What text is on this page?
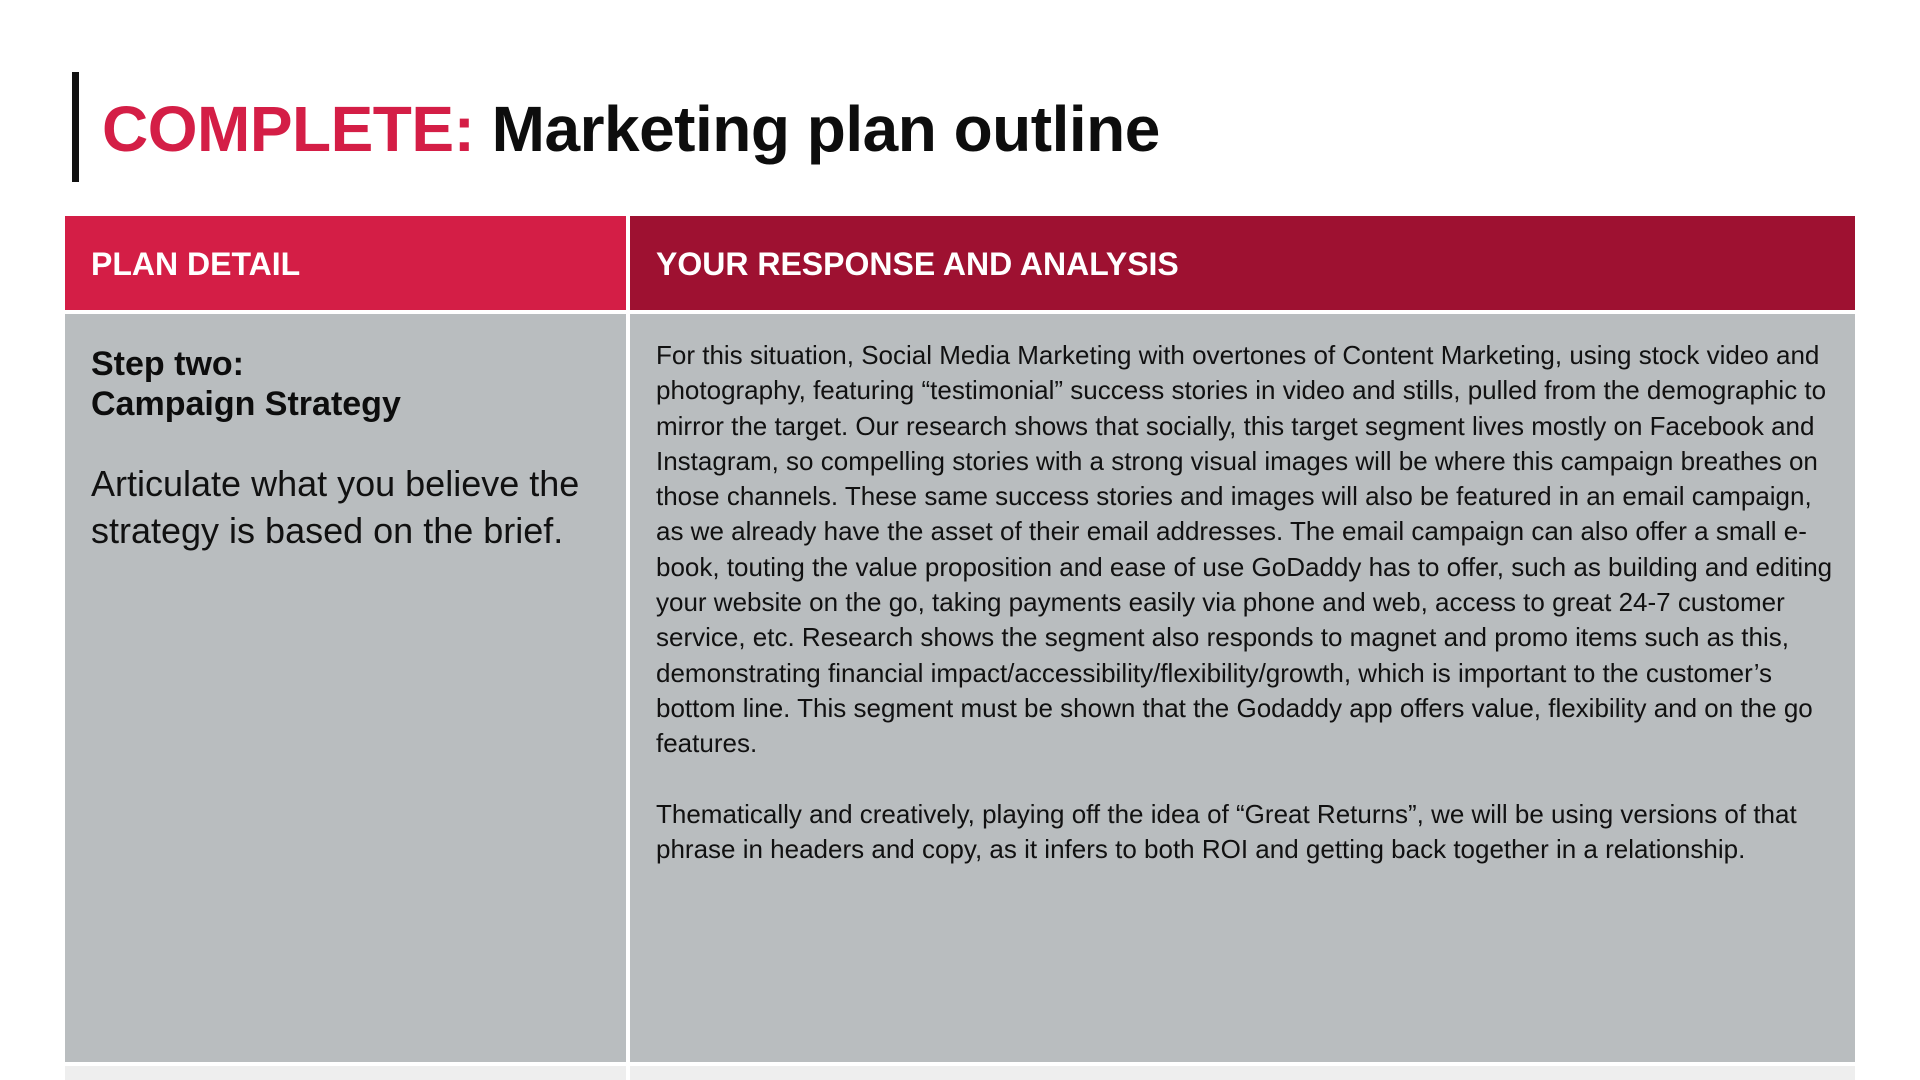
COMPLETE: Marketing plan outline
PLAN DETAIL	YOUR RESPONSE AND ANALYSIS
Step two:
Campaign Strategy
Articulate what you believe the strategy is based on the brief.

For this situation, Social Media Marketing with overtones of Content Marketing, using stock video and photography, featuring “testimonial” success stories in video and stills, pulled from the demographic to mirror the target. Our research shows that socially, this target segment lives mostly on Facebook and Instagram, so compelling stories with a strong visual images will be where this campaign breathes on those channels. These same success stories and images will also be featured in an email campaign, as we already have the asset of their email addresses. The email campaign can also offer a small e-book, touting the value proposition and ease of use GoDaddy has to offer, such as building and editing your website on the go, taking payments easily via phone and web, access to great 24-7 customer service, etc. Research shows the segment also responds to magnet and promo items such as this, demonstrating financial impact/accessibility/flexibility/growth, which is important to the customer’s bottom line. This segment must be shown that the Godaddy app offers value, flexibility and on the go features.

Thematically and creatively, playing off the idea of “Great Returns”, we will be using versions of that phrase in headers and copy, as it infers to both ROI and getting back together in a relationship.
